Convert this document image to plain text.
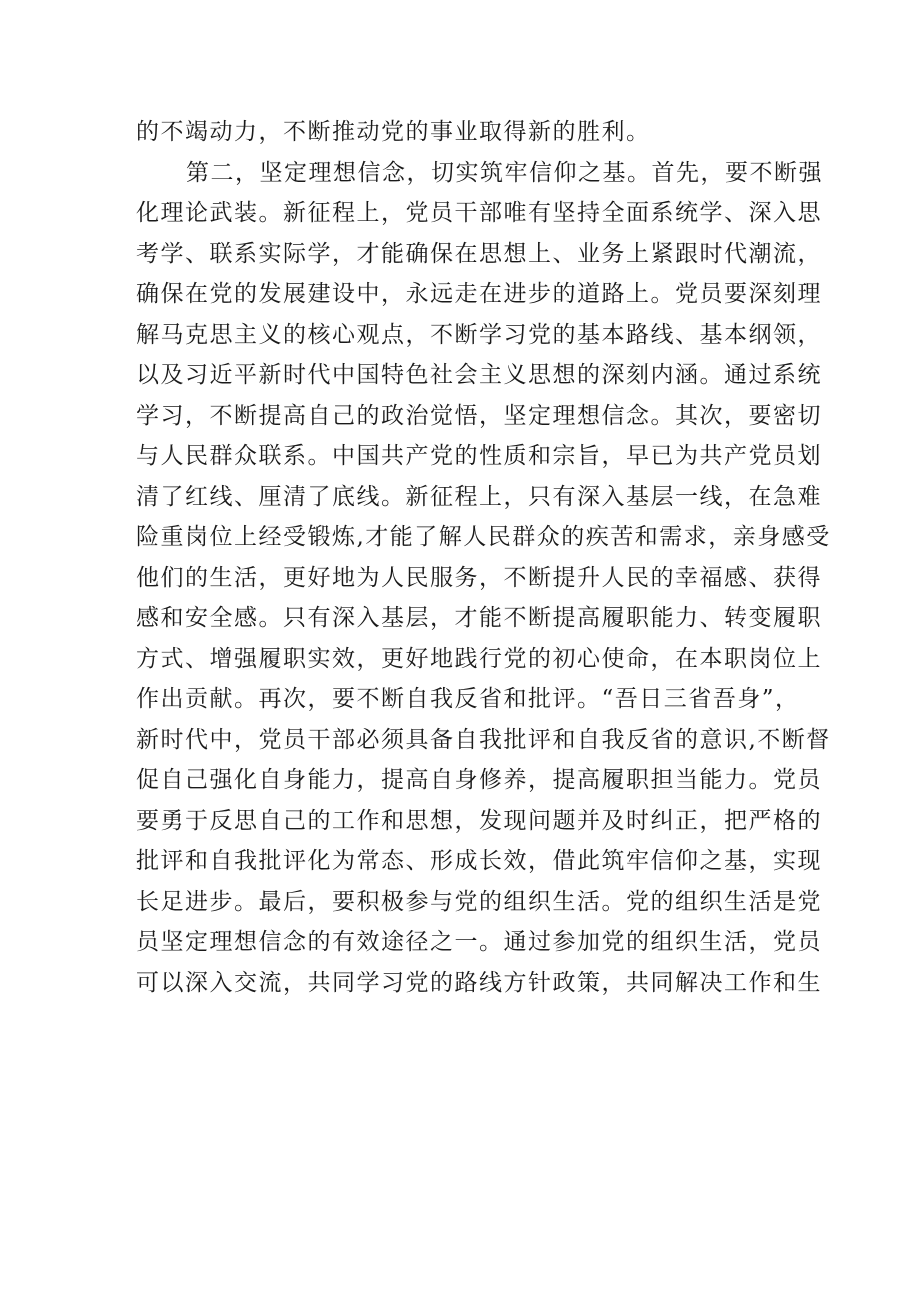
的不竭动力，不断推动党的事业取得新的胜利。
第二，坚定理想信念，切实筑牢信仰之基。首先，要不断强
化理论武装。新征程上，党员干部唯有坚持全面系统学、深入思
考学、联系实际学，才能确保在思想上、业务上紧跟时代潮流，
确保在党的发展建设中，永远走在进步的道路上。党员要深刻理
解马克思主义的核心观点，不断学习党的基本路线、基本纲领，
以及习近平新时代中国特色社会主义思想的深刻内涵。通过系统
学习，不断提高自己的政治觉悟，坚定理想信念。其次，要密切
与人民群众联系。中国共产党的性质和宗旨，早已为共产党员划
清了红线、厘清了底线。新征程上，只有深入基层一线，在急难
险重岗位上经受锻炼,才能了解人民群众的疾苦和需求，亲身感受
他们的生活，更好地为人民服务，不断提升人民的幸福感、获得
感和安全感。只有深入基层，才能不断提高履职能力、转变履职
方式、增强履职实效，更好地践行党的初心使命，在本职岗位上
作出贡献。再次，要不断自我反省和批评。“吾日三省吾身”，
新时代中，党员干部必须具备自我批评和自我反省的意识,不断督
促自己强化自身能力，提高自身修养，提高履职担当能力。党员
要勇于反思自己的工作和思想，发现问题并及时纠正，把严格的
批评和自我批评化为常态、形成长效，借此筑牢信仰之基，实现
长足进步。最后，要积极参与党的组织生活。党的组织生活是党
员坚定理想信念的有效途径之一。通过参加党的组织生活，党员
可以深入交流，共同学习党的路线方针政策，共同解决工作和生
